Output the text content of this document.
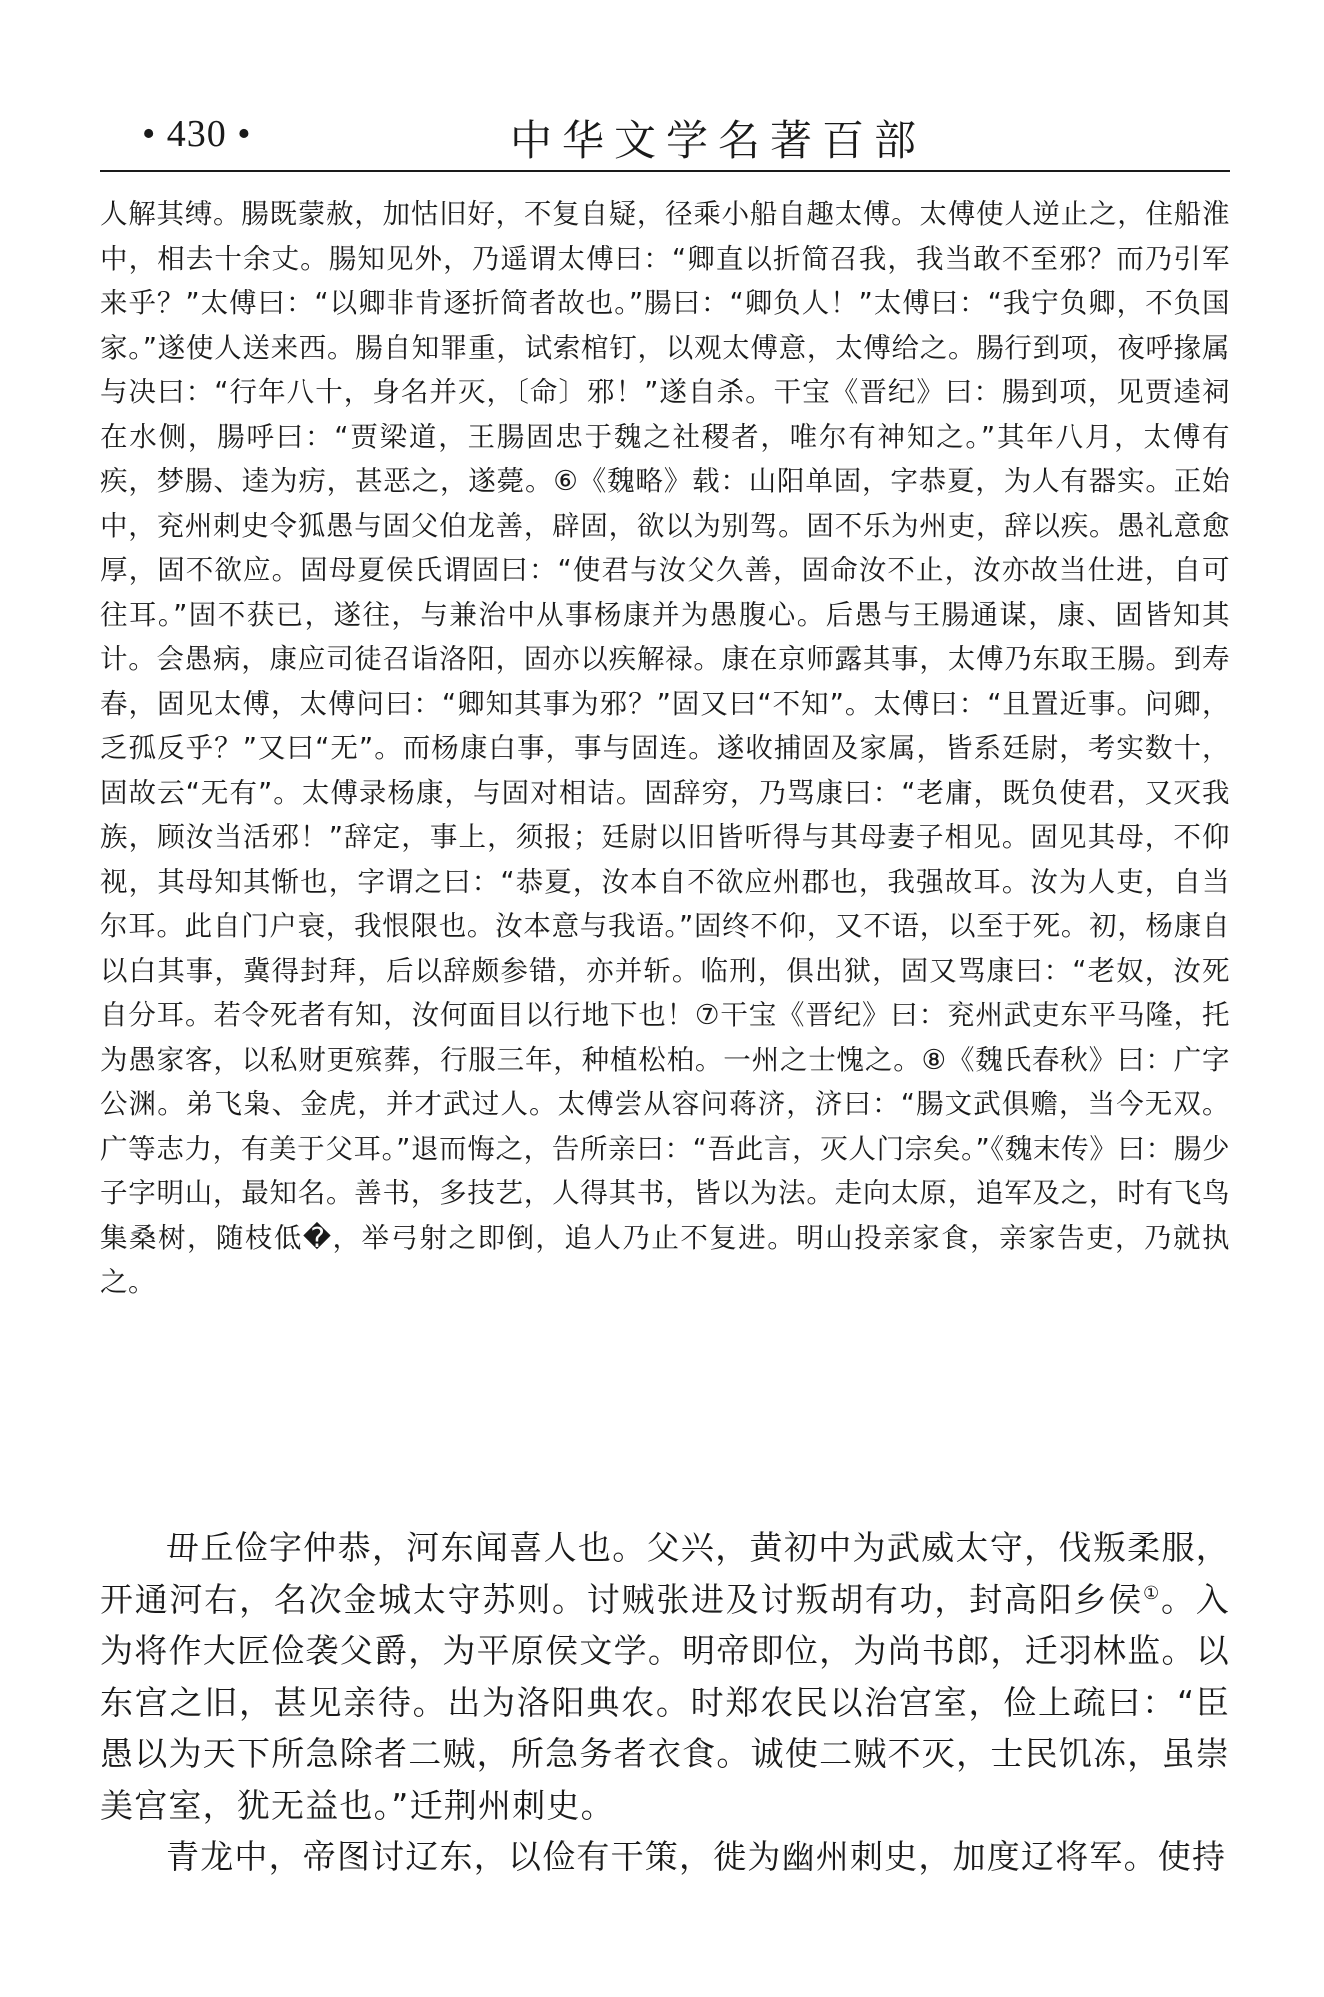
• 430 •	中华文学名著百部

人解其缚。腸既蒙赦，加怙旧好，不复自疑，径乘小船自趣太傅。太傅使人逆止之，住船淮中，相去十余丈。腸知见外，乃遥谓太傅曰：“卿直以折简召我，我当敢不至邪？而乃引军来乎？”太傅曰：“以卿非肯逐折简者故也。”腸曰：“卿负人！”太傅曰：“我宁负卿，不负国家。”遂使人送来西。腸自知罪重，试索棺钉，以观太傅意，太傅给之。腸行到项，夜呼掾属与决曰：“行年八十，身名并灭，〔命〕邪！”遂自杀。干宝《晋纪》曰：腸到项，见贾逵祠在水侧，腸呼曰：“贾梁道，王腸固忠于魏之社稷者，唯尔有神知之。”其年八月，太傅有疾，梦腸、逵为疠，甚恶之，遂薨。⑥《魏略》载：山阳单固，字恭夏，为人有器实。正始中，兖州刺史令狐愚与固父伯龙善，辟固，欲以为别驾。固不乐为州吏，辞以疾。愚礼意愈厚，固不欲应。固母夏侯氏谓固曰：“使君与汝父久善，固命汝不止，汝亦故当仕进，自可往耳。”固不获已，遂往，与兼治中从事杨康并为愚腹心。后愚与王腸通谋，康、固皆知其计。会愚病，康应司徒召诣洛阳，固亦以疾解禄。康在京师露其事，太傅乃东取王腸。到寿春，固见太傅，太傅问曰：“卿知其事为邪？”固又曰“不知”。太傅曰：“且置近事。问卿，乏孤反乎？”又曰“无”。而杨康白事，事与固连。遂收捕固及家属，皆系廷尉，考实数十，固故云“无有”。太傅录杨康，与固对相诘。固辞穷，乃骂康曰：“老庸，既负使君，又灭我族，顾汝当活邪！”辞定，事上，须报；廷尉以旧皆听得与其母妻子相见。固见其母，不仰视，其母知其惭也，字谓之曰：“恭夏，汝本自不欲应州郡也，我强故耳。汝为人吏，自当尔耳。此自门户衰，我恨限也。汝本意与我语。”固终不仰，又不语，以至于死。初，杨康自以白其事，冀得封拜，后以辞颇参错，亦并斩。临刑，俱出狱，固又骂康曰：“老奴，汝死自分耳。若令死者有知，汝何面目以行地下也！⑦干宝《晋纪》曰：兖州武吏东平马隆，托为愚家客，以私财更殡葬，行服三年，种植松柏。一州之士愧之。⑧《魏氏春秋》曰：广字公渊。弟飞枭、金虎，并才武过人。太傅尝从容问蒋济，济曰：“腸文武俱赡，当今无双。广等志力，有美于父耳。”退而悔之，告所亲曰：“吾此言，灭人门宗矣。”《魏末传》曰：腸少子字明山，最知名。善书，多技艺，人得其书，皆以为法。走向太原，追军及之，时有飞鸟集桑树，随枝低�，举弓射之即倒，追人乃止不复进。明山投亲家食，亲家告吏，乃就执之。

毌丘俭字仲恭，河东闻喜人也。父兴，黄初中为武威太守，伐叛柔服，开通河右，名次金城太守苏则。讨贼张进及讨叛胡有功，封高阳乡侯①。入为将作大匠俭袭父爵，为平原侯文学。明帝即位，为尚书郎，迁羽林监。以东宫之旧，甚见亲待。出为洛阳典农。时郑农民以治宫室，俭上疏曰：“臣愚以为天下所急除者二贼，所急务者衣食。诚使二贼不灭，士民饥冻，虽崇美宫室，犹无益也。”迁荆州刺史。

青龙中，帝图讨辽东，以俭有干策，徙为幽州刺史，加度辽将军。使持
